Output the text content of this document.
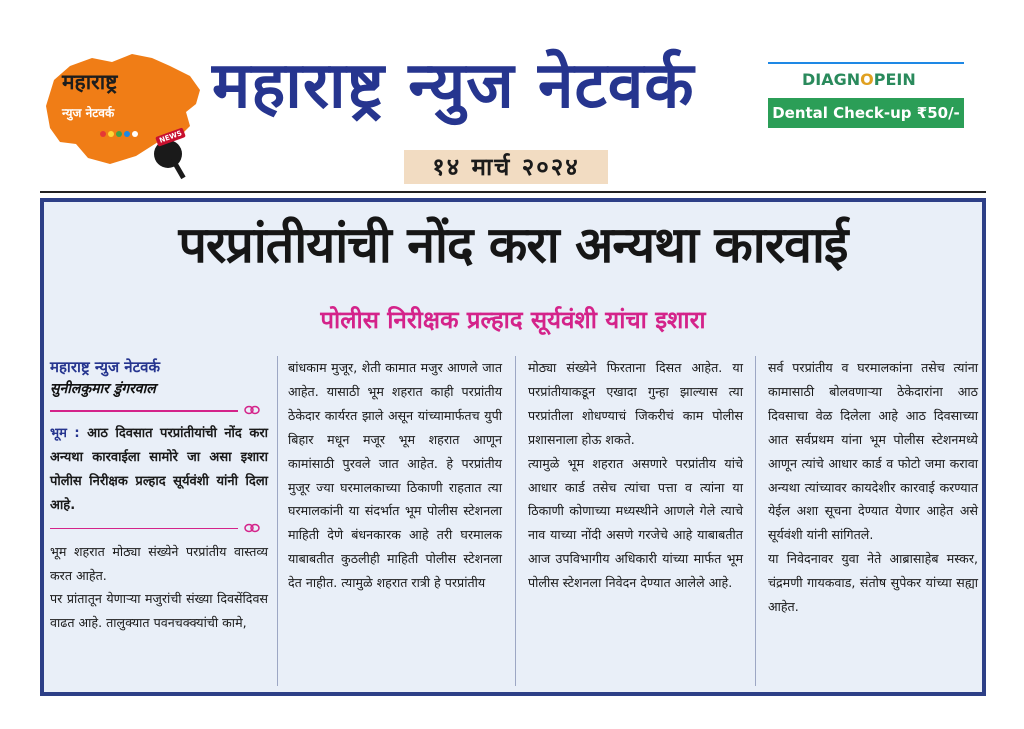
महाराष्ट्र
न्युज नेटवर्क
NEWS
महाराष्ट्र न्युज नेटवर्क
१४ मार्च २०२४
DIAGNOPEIN
Dental Check-up ₹50/-
परप्रांतीयांची नोंद करा अन्यथा कारवाई
पोलीस निरीक्षक प्रल्हाद सूर्यवंशी यांचा इशारा

महाराष्ट्र न्युज नेटवर्क

सुनीलकुमार डुंगरवाल

भूम : आठ दिवसात परप्रांतीयांची नोंद करा अन्यथा कारवाईला सामोरे जा असा इशारा पोलीस निरीक्षक प्रल्हाद सूर्यवंशी यांनी दिला आहे.

भूम शहरात मोठ्या संख्येने परप्रांतीय वास्तव्य करत आहेत.

पर प्रांतातून येणाऱ्या मजुरांची संख्या दिवसेंदिवस वाढत आहे. तालुक्यात पवनचक्क्यांची कामे,

बांधकाम मुजूर, शेती कामात मजुर आणले जात आहेत. यासाठी भूम शहरात काही परप्रांतीय ठेकेदार कार्यरत झाले असून यांच्यामार्फतच युपी बिहार मधून मजूर भूम शहरात आणून कामांसाठी पुरवले जात आहेत. हे परप्रांतीय मुजूर ज्या घरमालकाच्या ठिकाणी राहतात त्या घरमालकांनी या संदर्भात भूम पोलीस स्टेशनला माहिती देणे बंधनकारक आहे तरी घरमालक याबाबतीत कुठलीही माहिती पोलीस स्टेशनला देत नाहीत. त्यामुळे शहरात रात्री हे परप्रांतीय

मोठ्या संख्येने फिरताना दिसत आहेत. या परप्रांतीयाकडून एखादा गुन्हा झाल्यास त्या परप्रांतीला शोधण्याचं जिकरीचं काम पोलीस प्रशासनाला होऊ शकते.

त्यामुळे भूम शहरात असणारे परप्रांतीय यांचे आधार कार्ड तसेच त्यांचा पत्ता व त्यांना या ठिकाणी कोणाच्या मध्यस्थीने आणले गेले त्याचे नाव याच्या नोंदी असणे गरजेचे आहे याबाबतीत आज उपविभागीय अधिकारी यांच्या मार्फत भूम पोलीस स्टेशनला निवेदन देण्यात आलेले आहे.

सर्व परप्रांतीय व घरमालकांना तसेच त्यांना कामासाठी बोलवणाऱ्या ठेकेदारांना आठ दिवसाचा वेळ दिलेला आहे आठ दिवसाच्या आत सर्वप्रथम यांना भूम पोलीस स्टेशनमध्ये आणून त्यांचे आधार कार्ड व फोटो जमा करावा अन्यथा त्यांच्यावर कायदेशीर कारवाई करण्यात येईल अशा सूचना देण्यात येणार आहेत असे सूर्यवंशी यांनी सांगितले.

या निवेदनावर युवा नेते आब्रासाहेब मस्कर, चंद्रमणी गायकवाड, संतोष सुपेकर यांच्या सह्या आहेत.
